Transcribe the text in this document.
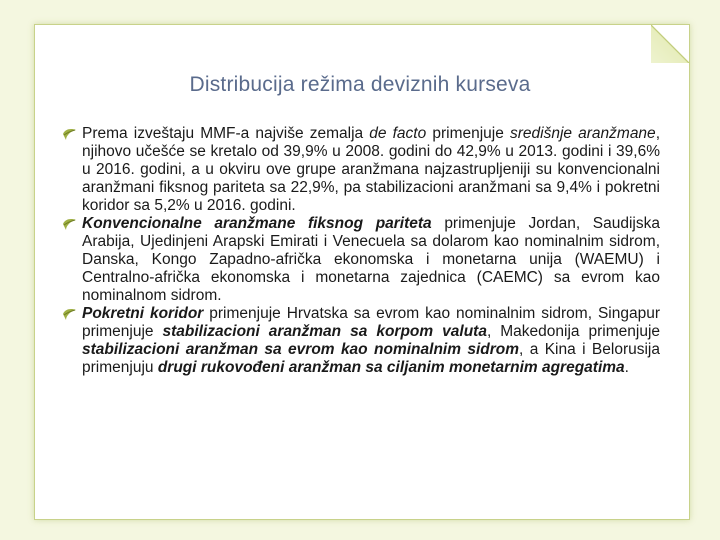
Distribucija režima deviznih kurseva

Prema izveštaju MMF-a najviše zemalja de facto primenjuje središnje aranžmane, njihovo učešće se kretalo od 39,9% u 2008. godini do 42,9% u 2013. godini i 39,6% u 2016. godini, a u okviru ove grupe aranžmana najzastrupljeniji su konvencionalni aranžmani fiksnog pariteta sa 22,9%, pa stabilizacioni aranžmani sa 9,4% i pokretni koridor sa 5,2% u 2016. godini.

Konvencionalne aranžmane fiksnog pariteta primenjuje Jordan, Saudijska Arabija, Ujedinjeni Arapski Emirati i Venecuela sa dolarom kao nominalnim sidrom, Danska, Kongo Zapadno-afrička ekonomska i monetarna unija (WAEMU) i Centralno-afrička ekonomska i monetarna zajednica (CAEMC) sa evrom kao nominalnom sidrom.

Pokretni koridor primenjuje Hrvatska sa evrom kao nominalnim sidrom, Singapur primenjuje stabilizacioni aranžman sa korpom valuta, Makedonija primenjuje stabilizacioni aranžman sa evrom kao nominalnim sidrom, a Kina i Belorusija primenjuju drugi rukovođeni aranžman sa ciljanim monetarnim agregatima.
